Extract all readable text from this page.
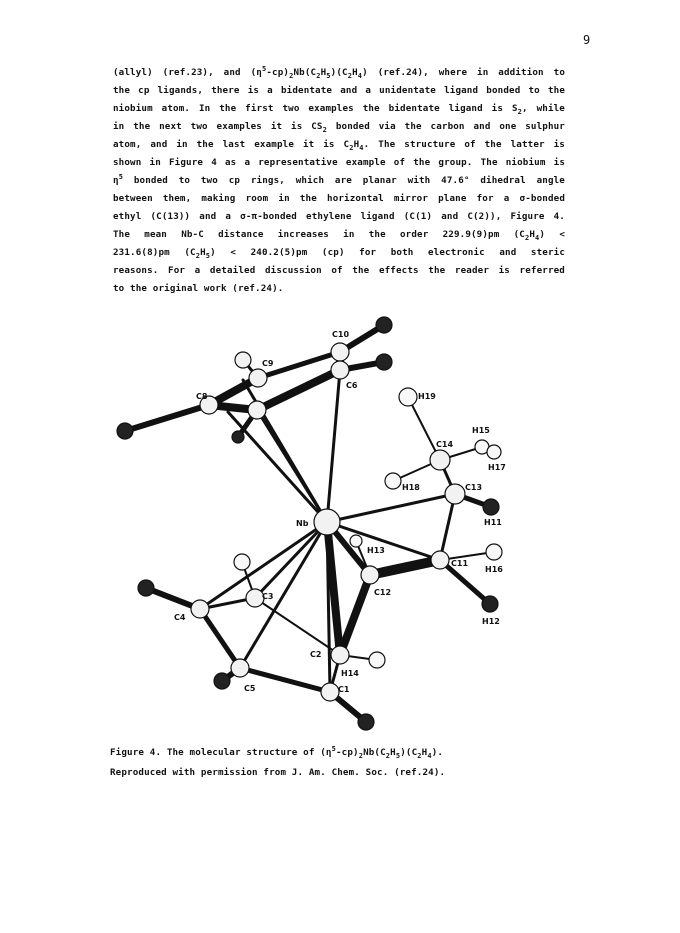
9
(allyl) (ref.23), and $(\eta^5-cp)_2Nb(C_2H_5)(C_2H_4)$ (ref.24), where in addition to
the cp ligands, there is a bidentate and a unidentate ligand bonded to the
niobium atom. In the first two examples the bidentate ligand is $S_2$, while
in the next two examples it is $CS_2$ bonded via the carbon and one sulphur
atom, and in the last example it is $C_2H_4$. The structure of the latter is
shown in Figure 4 as a representative example of the group. The niobium is
$\eta^5$ bonded to two cp rings, which are planar with 47.6° dihedral angle
between them, making room in the horizontal mirror plane for a σ-bonded
ethyl (C(13)) and a σ-π-bonded ethylene ligand (C(1) and C(2)), Figure 4.
The mean Nb-C distance increases in the order 229.9(9)pm $(C_2H_4)$ <
231.6(8)pm $(C_2H_5) < 240.2(5)pm$ (cp) for both electronic and steric
reasons. For a detailed discussion of the effects the reader is referred
to the original work (ref.24).
C10
C9
C8
C6
H19
C14
H15
H17
H18	C13
Nb	H11
H13
C11
H16
C12
H12
C3
C4
C2
H14
C5	C1
Figure 4. The molecular structure of $(\eta^5-cp)_2Nb(C_2H_5)(C_2H_4)$.
Reproduced with permission from J. Am. Chem. Soc. (ref.24).
